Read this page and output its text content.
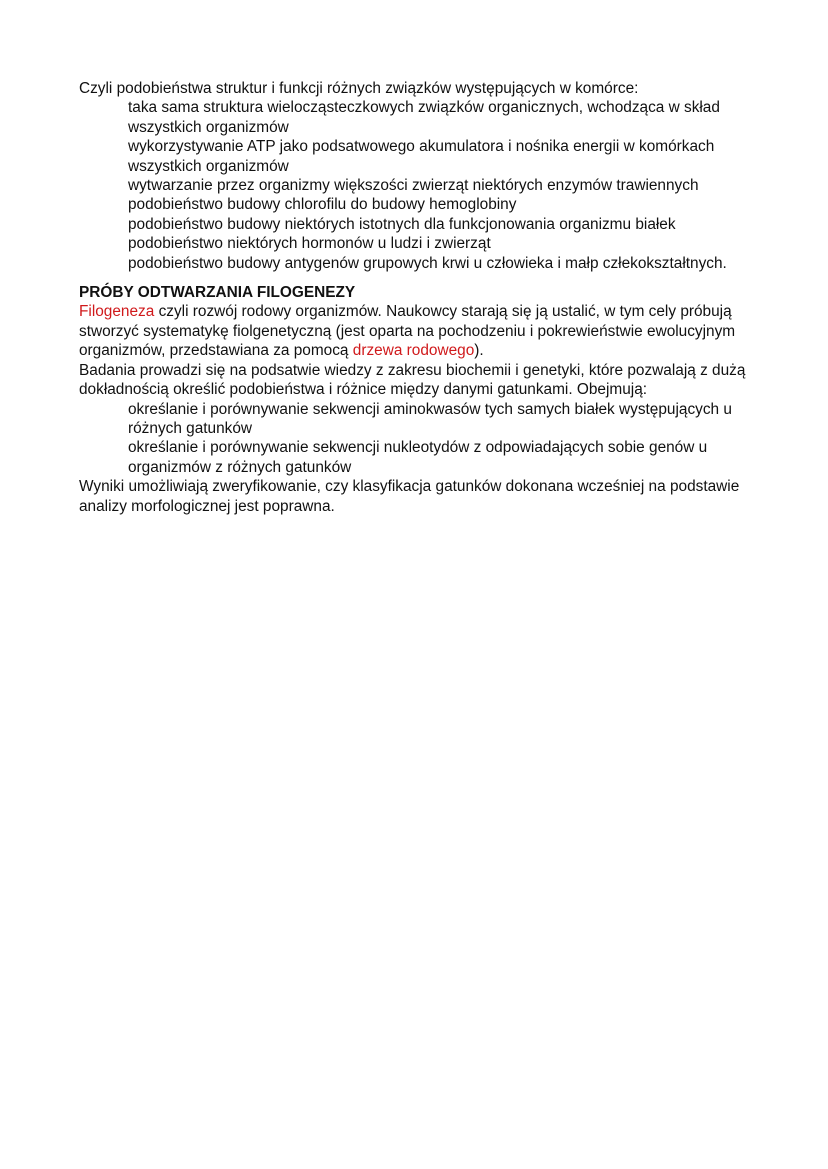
Czyli podobieństwa struktur i funkcji różnych związków występujących w komórce:

taka sama struktura wielocząsteczkowych związków organicznych, wchodząca w skład wszystkich organizmów
wykorzystywanie ATP jako podsatwowego akumulatora i nośnika energii w komórkach wszystkich organizmów
wytwarzanie przez organizmy większości zwierząt niektórych enzymów trawiennych
podobieństwo budowy chlorofilu do budowy hemoglobiny
podobieństwo budowy niektórych istotnych dla funkcjonowania organizmu białek
podobieństwo niektórych hormonów u ludzi i zwierząt
podobieństwo budowy antygenów grupowych krwi u człowieka i małp człekokształtnych.
PRÓBY ODTWARZANIA FILOGENEZY

Filogeneza czyli rozwój rodowy organizmów. Naukowcy starają się ją ustalić, w tym cely próbują stworzyć systematykę fiolgenetyczną (jest oparta na pochodzeniu i pokrewieństwie ewolucyjnym organizmów, przedstawiana za pomocą drzewa rodowego).

Badania prowadzi się na podsatwie wiedzy z zakresu biochemii i genetyki, które pozwalają z dużą dokładnością określić podobieństwa i różnice między danymi gatunkami. Obejmują:

określanie i porównywanie sekwencji aminokwasów tych samych białek występujących u różnych gatunków
określanie i porównywanie sekwencji nukleotydów z odpowiadających sobie genów u organizmów z różnych gatunków

Wyniki umożliwiają zweryfikowanie, czy klasyfikacja gatunków dokonana wcześniej na podstawie analizy morfologicznej jest poprawna.
